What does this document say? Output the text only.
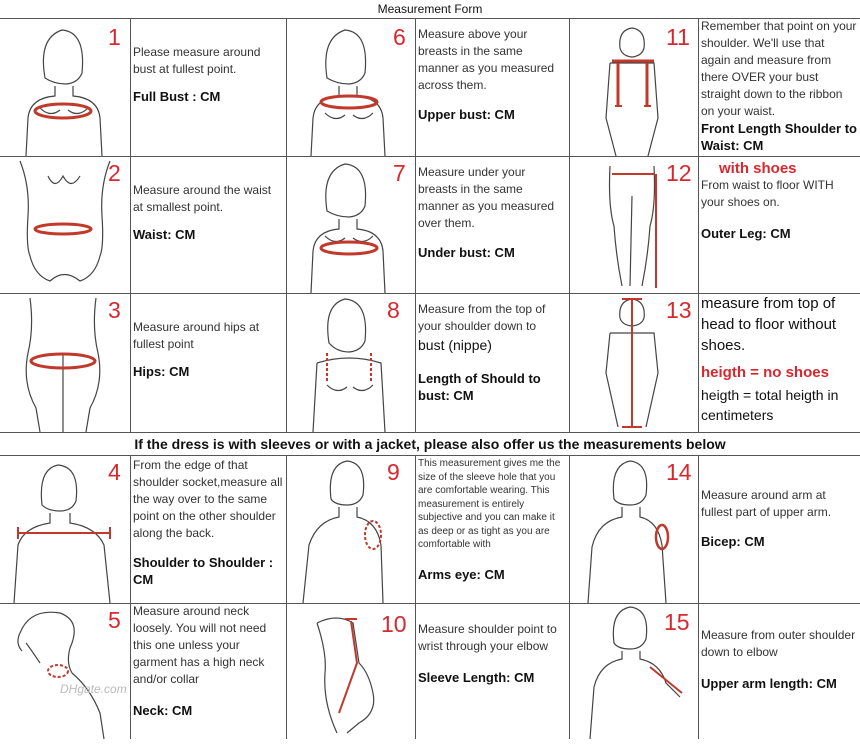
Measurement Form
1
Please measure around bust at fullest point.
Full Bust : CM
6 Measure above your breasts in the same manner as you measured across them.
Upper bust: CM
11 Remember that point on your shoulder. We'll use that again and measure from there OVER your bust straight down to the ribbon on your waist.
Front Length Shoulder to Waist: CM
2
Measure around the waist at smallest point.
Waist: CM
7 Measure under your breasts in the same manner as you measured over them.
Under bust: CM
12	with shoes
From waist to floor WITH your shoes on.
Outer Leg: CM
3
Measure around hips at fullest point
Hips: CM
8 Measure from the top of your shoulder down to
bust (nippe)
Length of Should to bust: CM
13 measure from top of head to floor without shoes.
heigth = no shoes
heigth = total heigth in centimeters
If the dress is with sleeves or with a jacket, please also offer us the measurements below
4 From the edge of that shoulder socket,measure all the way over to the same point on the other shoulder along the back.
Shoulder to Shoulder : CM
9 This measurement gives me the size of the sleeve hole that you are comfortable wearing. This measurement is entirely subjective and you can make it as deep or as tight as you are comfortable with
Arms eye: CM
14
Measure around arm at fullest part of upper arm.
Bicep: CM
5 Measure around neck loosely. You will not need this one unless your garment has a high neck and/or collar
Neck: CM
10 Measure shoulder point to wrist through your elbow
Sleeve Length: CM
15 Measure from outer shoulder down to elbow
Upper arm length: CM
DHgate.com
